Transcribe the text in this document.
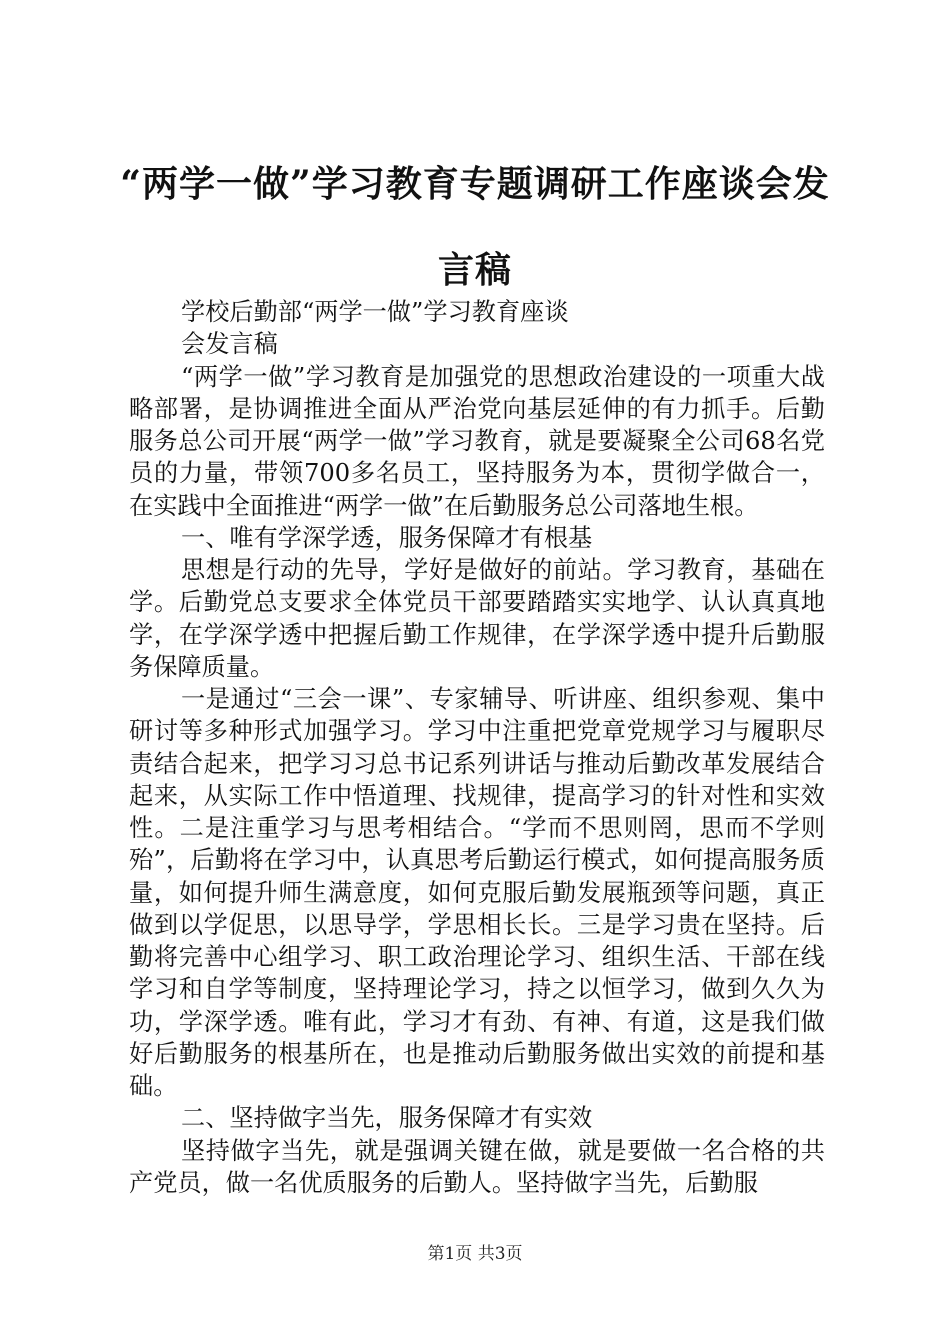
“两学一做”学习教育专题调研工作座谈会发
言稿

学校后勤部“两学一做”学习教育座谈

会发言稿

“两学一做”学习教育是加强党的思想政治建设的一项重大战略部署，是协调推进全面从严治党向基层延伸的有力抓手。后勤服务总公司开展“两学一做”学习教育，就是要凝聚全公司68名党员的力量，带领700多名员工，坚持服务为本，贯彻学做合一，在实践中全面推进“两学一做”在后勤服务总公司落地生根。

一、唯有学深学透，服务保障才有根基

思想是行动的先导，学好是做好的前站。学习教育，基础在学。后勤党总支要求全体党员干部要踏踏实实地学、认认真真地学，在学深学透中把握后勤工作规律，在学深学透中提升后勤服务保障质量。

一是通过“三会一课”、专家辅导、听讲座、组织参观、集中研讨等多种形式加强学习。学习中注重把党章党规学习与履职尽责结合起来，把学习习总书记系列讲话与推动后勤改革发展结合起来，从实际工作中悟道理、找规律，提高学习的针对性和实效性。二是注重学习与思考相结合。“学而不思则罔，思而不学则殆”，后勤将在学习中，认真思考后勤运行模式，如何提高服务质量，如何提升师生满意度，如何克服后勤发展瓶颈等问题，真正做到以学促思，以思导学，学思相长长。三是学习贵在坚持。后勤将完善中心组学习、职工政治理论学习、组织生活、干部在线学习和自学等制度，坚持理论学习，持之以恒学习，做到久久为功，学深学透。唯有此，学习才有劲、有神、有道，这是我们做好后勤服务的根基所在，也是推动后勤服务做出实效的前提和基础。

二、坚持做字当先，服务保障才有实效

坚持做字当先，就是强调关键在做，就是要做一名合格的共产党员，做一名优质服务的后勤人。坚持做字当先，后勤服

第1页 共3页
